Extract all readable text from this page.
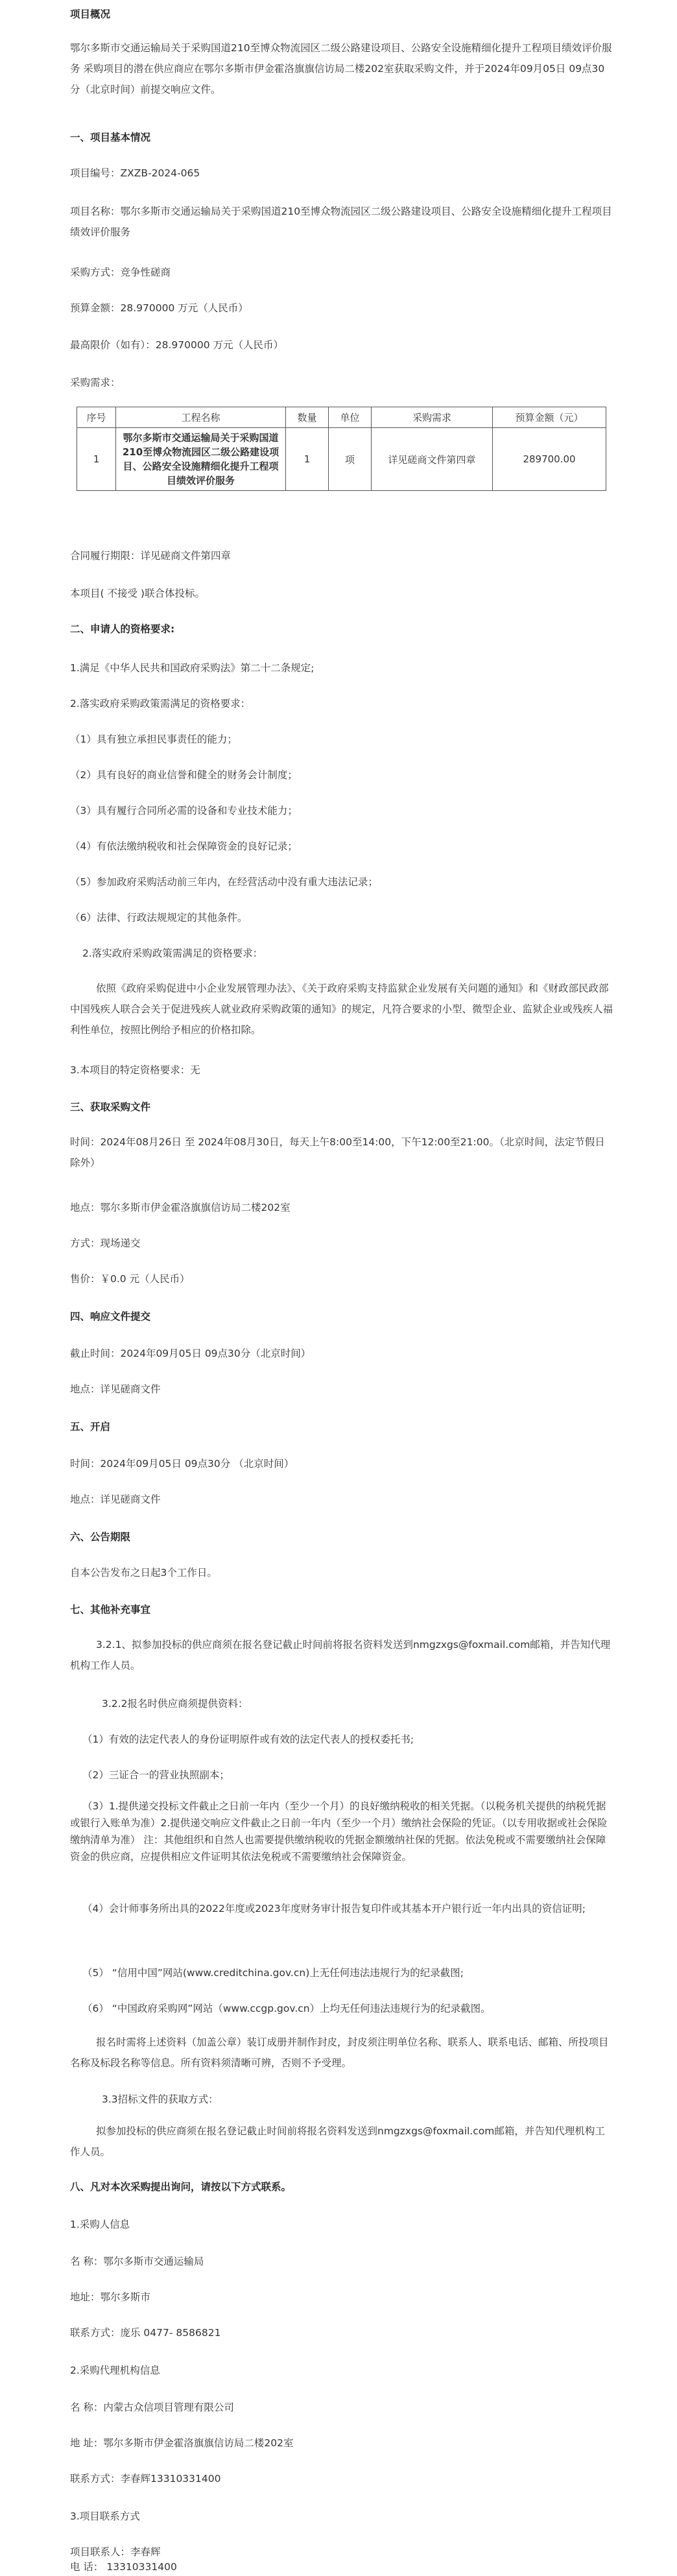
项目概况

鄂尔多斯市交通运输局关于采购国道210至博众物流园区二级公路建设项目、公路安全设施精细化提升工程项目绩效评价服务 采购项目的潜在供应商应在鄂尔多斯市伊金霍洛旗旗信访局二楼202室获取采购文件，并于2024年09月05日 09点30分（北京时间）前提交响应文件。

一、项目基本情况

项目编号：ZXZB-2024-065

项目名称：鄂尔多斯市交通运输局关于采购国道210至博众物流园区二级公路建设项目、公路安全设施精细化提升工程项目绩效评价服务

采购方式：竞争性磋商

预算金额：28.970000 万元（人民币）

最高限价（如有）：28.970000 万元（人民币）

采购需求：

序号	工程名称	数量	单位	采购需求	预算金额（元）
1	鄂尔多斯市交通运输局关于采购国道210至博众物流园区二级公路建设项目、公路安全设施精细化提升工程项目绩效评价服务	1	项	详见磋商文件第四章	289700.00

合同履行期限：详见磋商文件第四章

本项目( 不接受 )联合体投标。

二、申请人的资格要求:

1.满足《中华人民共和国政府采购法》第二十二条规定;

2.落实政府采购政策需满足的资格要求：

（1）具有独立承担民事责任的能力；

（2）具有良好的商业信誉和健全的财务会计制度；

（3）具有履行合同所必需的设备和专业技术能力；

（4）有依法缴纳税收和社会保障资金的良好记录；

（5）参加政府采购活动前三年内，在经营活动中没有重大违法记录；

（6）法律、行政法规规定的其他条件。

2.落实政府采购政策需满足的资格要求：

依照《政府采购促进中小企业发展管理办法》、《关于政府采购支持监狱企业发展有关问题的通知》和《财政部民政部 中国残疾人联合会关于促进残疾人就业政府采购政策的通知》的规定，凡符合要求的小型、微型企业、监狱企业或残疾人福利性单位，按照比例给予相应的价格扣除。

3.本项目的特定资格要求：无

三、获取采购文件

时间：2024年08月26日 至 2024年08月30日，每天上午8:00至14:00，下午12:00至21:00。（北京时间，法定节假日除外）

地点：鄂尔多斯市伊金霍洛旗旗信访局二楼202室

方式：现场递交

售价：￥0.0 元（人民币）

四、响应文件提交

截止时间：2024年09月05日 09点30分（北京时间）

地点：详见磋商文件

五、开启

时间：2024年09月05日 09点30分 （北京时间）

地点：详见磋商文件

六、公告期限

自本公告发布之日起3个工作日。

七、其他补充事宜

3.2.1、拟参加投标的供应商须在报名登记截止时间前将报名资料发送到nmgzxgs@foxmail.com邮箱，并告知代理机构工作人员。

3.2.2报名时供应商须提供资料：

（1）有效的法定代表人的身份证明原件或有效的法定代表人的授权委托书;

（2）三证合一的营业执照副本；

（3）1.提供递交投标文件截止之日前一年内（至少一个月）的良好缴纳税收的相关凭据。（以税务机关提供的纳税凭据或银行入账单为准）2.提供递交响应文件截止之日前一年内（至少一个月）缴纳社会保险的凭证。（以专用收据或社会保险缴纳清单为准） 注：其他组织和自然人也需要提供缴纳税收的凭据金额缴纳社保的凭据。依法免税或不需要缴纳社会保障资金的供应商，应提供相应文件证明其依法免税或不需要缴纳社会保障资金。

（4）会计师事务所出具的2022年度或2023年度财务审计报告复印件或其基本开户银行近一年内出具的资信证明;

（5） “信用中国”网站(www.creditchina.gov.cn)上无任何违法违规行为的纪录截图;

（6） “中国政府采购网”网站（www.ccgp.gov.cn）上均无任何违法违规行为的纪录截图。

报名时需将上述资料（加盖公章）装订成册并制作封皮，封皮须注明单位名称、联系人、联系电话、邮箱、所投项目名称及标段名称等信息。所有资料须清晰可辨，否则不予受理。

3.3招标文件的获取方式：

拟参加投标的供应商须在报名登记截止时间前将报名资料发送到nmgzxgs@foxmail.com邮箱，并告知代理机构工作人员。

八、凡对本次采购提出询问，请按以下方式联系。

1.采购人信息

名 称：鄂尔多斯市交通运输局

地址：鄂尔多斯市

联系方式：庞乐 0477- 8586821

2.采购代理机构信息

名 称：内蒙古众信项目管理有限公司

地 址：鄂尔多斯市伊金霍洛旗旗信访局二楼202室

联系方式：李春辉13310331400

3.项目联系方式

项目联系人：李春辉

电 话： 13310331400
